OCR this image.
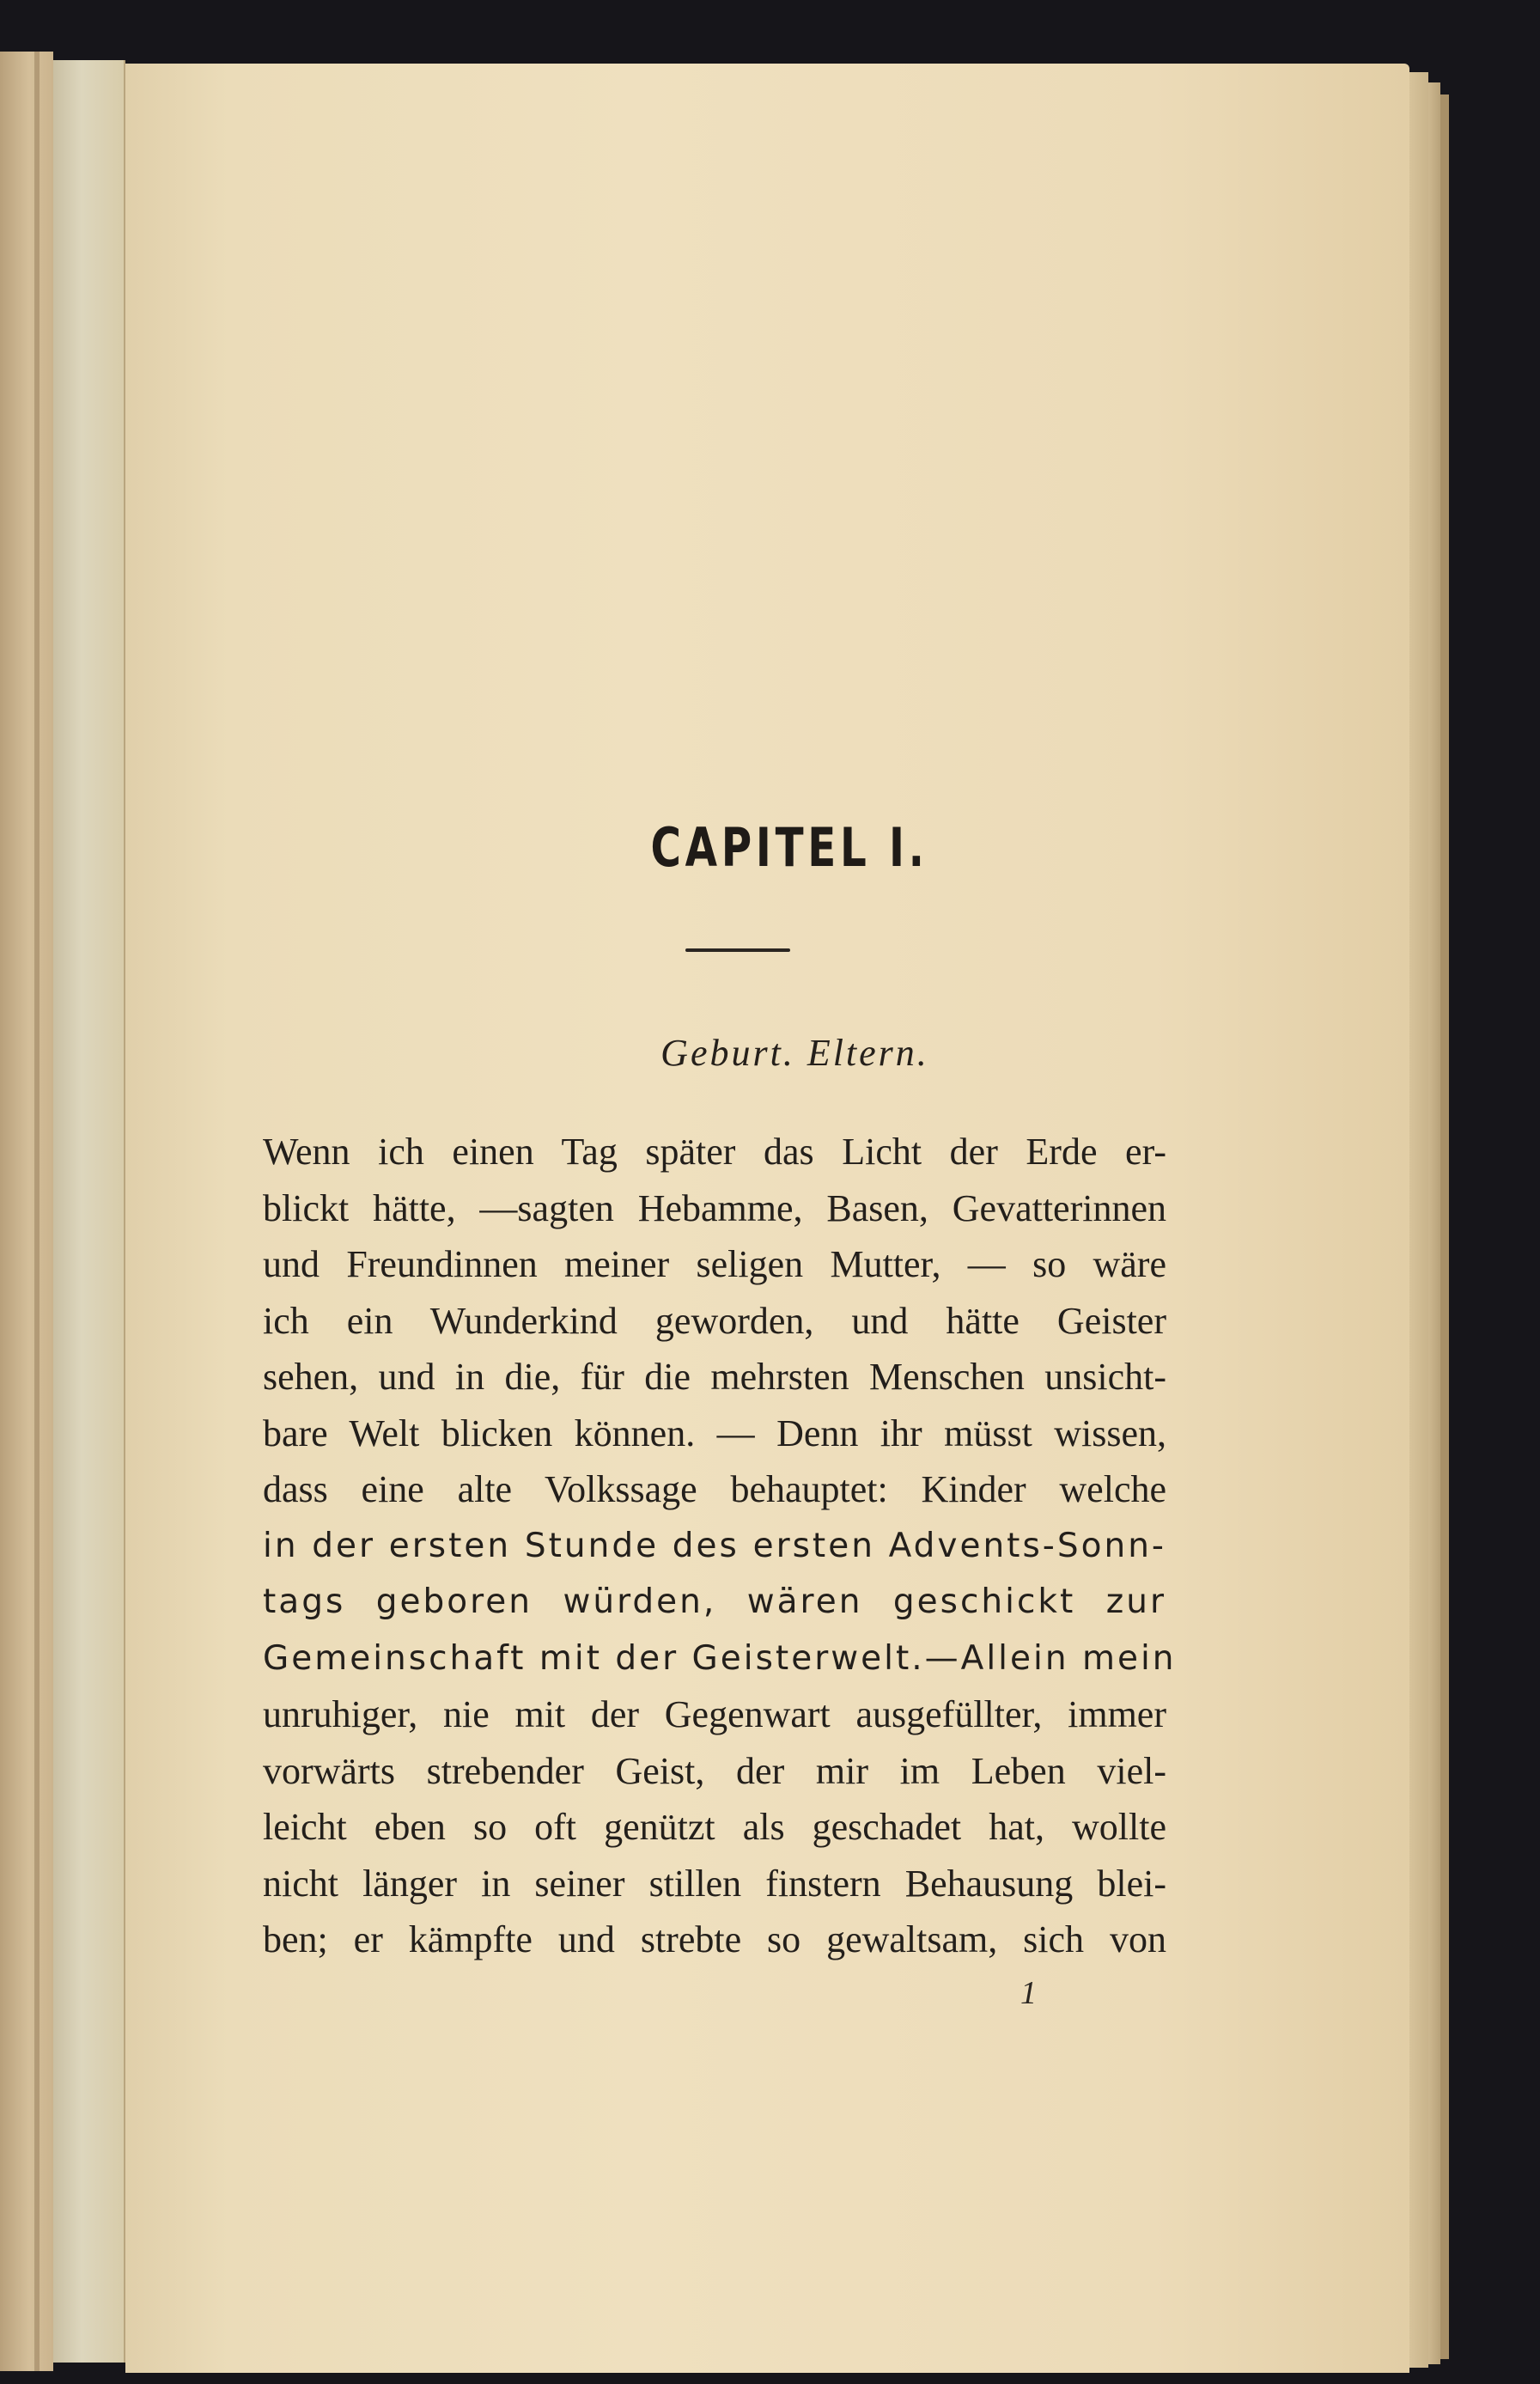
CAPITEL I.
Geburt. Eltern.
Wenn ich einen Tag später das Licht der Erde er-
blickt hätte, —sagten Hebamme, Basen, Gevatterinnen
und Freundinnen meiner seligen Mutter, — so wäre
ich ein Wunderkind geworden, und hätte Geister
sehen, und in die, für die mehrsten Menschen unsicht-
bare Welt blicken können. — Denn ihr müsst wissen,
dass eine alte Volkssage behauptet: Kinder welche
in der ersten Stunde des ersten Advents-Sonn-
tags geboren würden, wären geschickt zur
Gemeinschaft mit der Geisterwelt.—Allein mein
unruhiger, nie mit der Gegenwart ausgefüllter, immer
vorwärts strebender Geist, der mir im Leben viel-
leicht eben so oft genützt als geschadet hat, wollte
nicht länger in seiner stillen finstern Behausung blei-
ben; er kämpfte und strebte so gewaltsam, sich von
1
